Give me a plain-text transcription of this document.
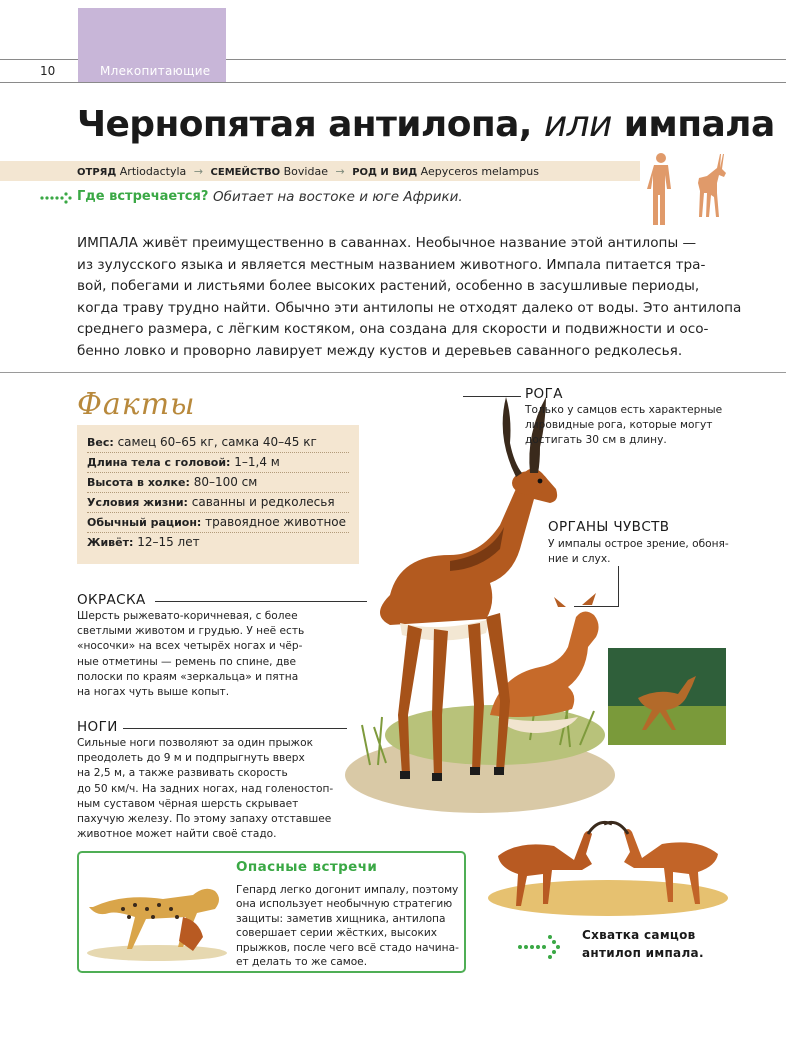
Млекопитающие
10
Чернопятая антилопа, или импала
ОТРЯД Artiodactyla → СЕМЕЙСТВО Bovidae → РОД И ВИД Aepyceros melampus
Где встречается? Обитает на востоке и юге Африки.
ИМПАЛА живёт преимущественно в саваннах. Необычное название этой антилопы —
из зулусского языка и является местным названием животного. Импала питается тра-
вой, побегами и листьями более высоких растений, особенно в засушливые периоды,
когда траву трудно найти. Обычно эти антилопы не отходят далеко от воды. Это антилопа
среднего размера, с лёгким костяком, она создана для скорости и подвижности и осо-
бенно ловко и проворно лавирует между кустов и деревьев саванного редколесья.
Факты
Вес: самец 60–65 кг, самка 40–45 кг
Длина тела с головой: 1–1,4 м
Высота в холке: 80–100 см
Условия жизни: саванны и редколесья
Обычный рацион: травоядное животное
Живёт: 12–15 лет
РОГА
Только у самцов есть характерные
лировидные рога, которые могут
достигать 30 см в длину.
ОРГАНЫ ЧУВСТВ
У импалы острое зрение, обоня-
ние и слух.
ОКРАСКА
Шерсть рыжевато-коричневая, с более
светлыми животом и грудью. У неё есть
«носочки» на всех четырёх ногах и чёр-
ные отметины — ремень по спине, две
полоски по краям «зеркальца» и пятна
на ногах чуть выше копыт.
НОГИ
Сильные ноги позволяют за один прыжок
преодолеть до 9 м и подпрыгнуть вверх
на 2,5 м, а также развивать скорость
до 50 км/ч. На задних ногах, над голеностоп-
ным суставом чёрная шерсть скрывает
пахучую железу. По этому запаху отставшее
животное может найти своё стадо.
Опасные встречи
Гепард легко догонит импалу, поэтому
она использует необычную стратегию
защиты: заметив хищника, антилопа
совершает серии жёстких, высоких
прыжков, после чего всё стадо начина-
ет делать то же самое.
Схватка самцов
антилоп импала.
